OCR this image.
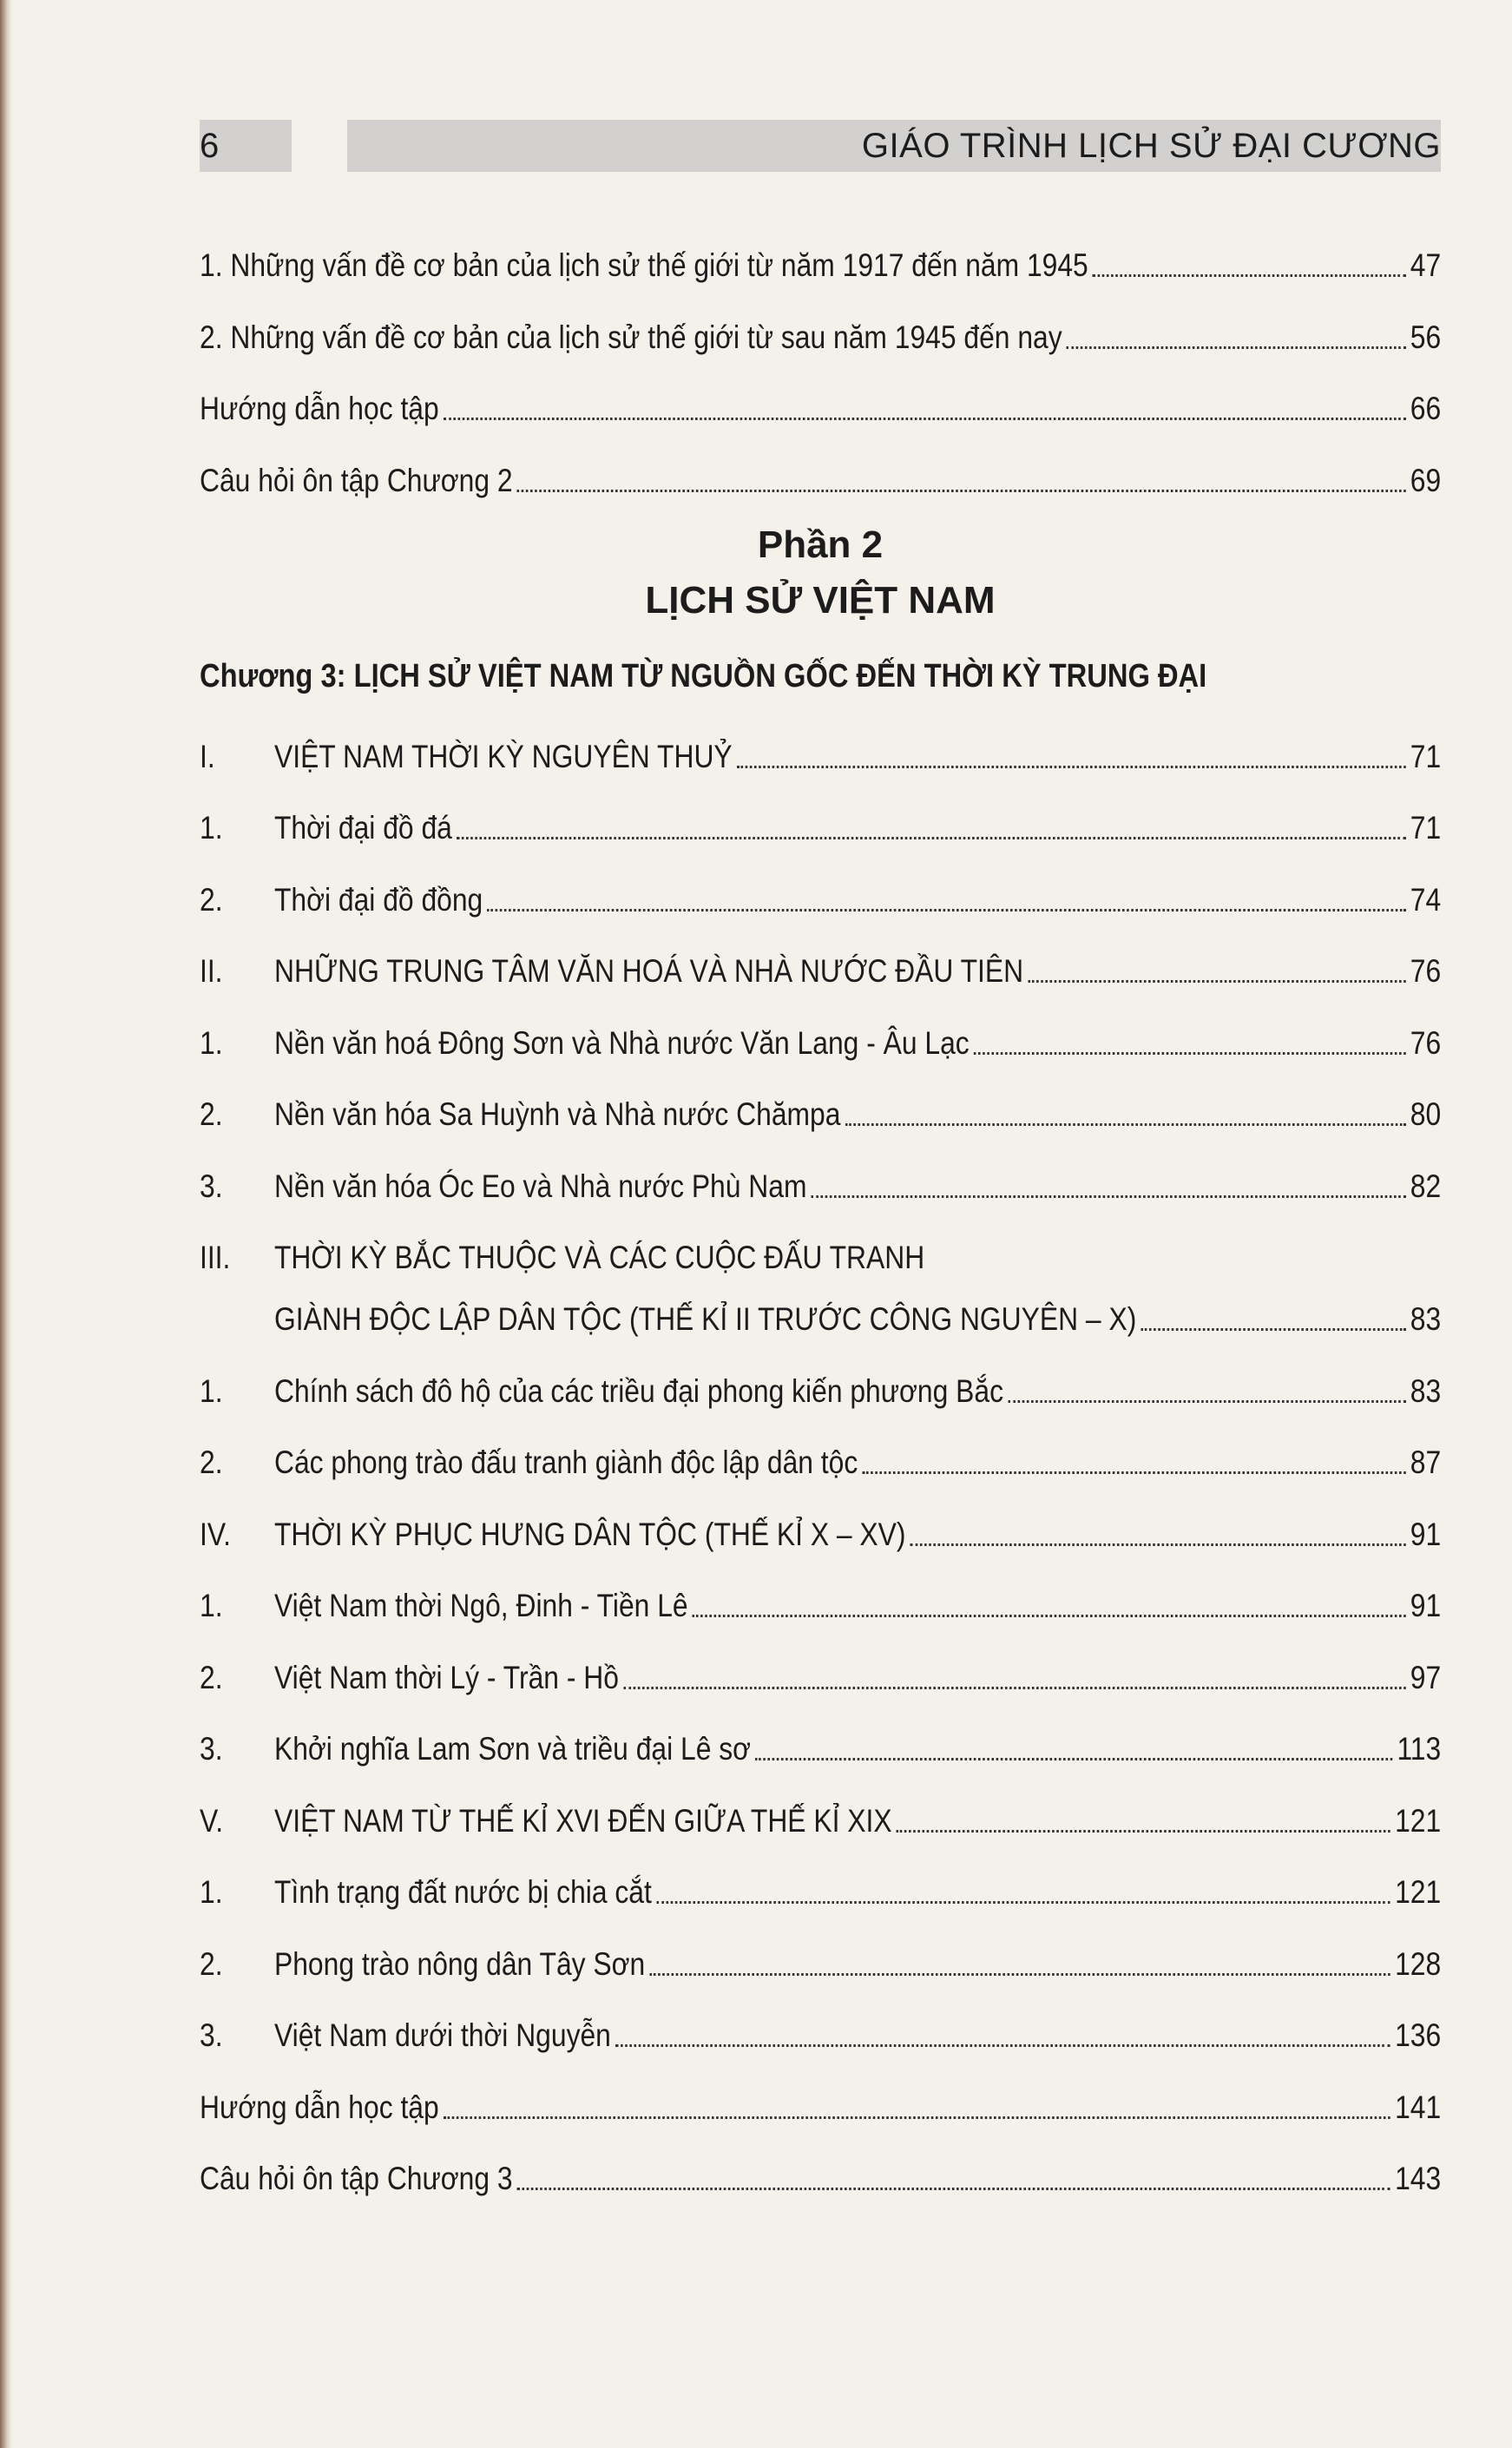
6	GIÁO TRÌNH LỊCH SỬ ĐẠI CƯƠNG
1. Những vấn đề cơ bản của lịch sử thế giới từ năm 1917 đến năm 1945	47
2. Những vấn đề cơ bản của lịch sử thế giới từ sau năm 1945 đến nay	56
Hướng dẫn học tập	66
Câu hỏi ôn tập Chương 2	69
Phần 2
LỊCH SỬ VIỆT NAM
Chương 3: LỊCH SỬ VIỆT NAM TỪ NGUỒN GỐC ĐẾN THỜI KỲ TRUNG ĐẠI
I.	VIỆT NAM THỜI KỲ NGUYÊN THUỶ	71
1.	Thời đại đồ đá	71
2.	Thời đại đồ đồng	74
II.	NHỮNG TRUNG TÂM VĂN HOÁ VÀ NHÀ NƯỚC ĐẦU TIÊN	76
1.	Nền văn hoá Đông Sơn và Nhà nước Văn Lang - Âu Lạc	76
2.	Nền văn hóa Sa Huỳnh và Nhà nước Chămpa	80
3.	Nền văn hóa Óc Eo và Nhà nước Phù Nam	82
III.	THỜI KỲ BẮC THUỘC VÀ CÁC CUỘC ĐẤU TRANH
GIÀNH ĐỘC LẬP DÂN TỘC (THẾ KỈ II TRƯỚC CÔNG NGUYÊN – X)	83
1.	Chính sách đô hộ của các triều đại phong kiến phương Bắc	83
2.	Các phong trào đấu tranh giành độc lập dân tộc	87
IV.	THỜI KỲ PHỤC HƯNG DÂN TỘC (THẾ KỈ X – XV)	91
1.	Việt Nam thời Ngô, Đinh - Tiền Lê	91
2.	Việt Nam thời Lý - Trần - Hồ	97
3.	Khởi nghĩa Lam Sơn và triều đại Lê sơ	113
V.	VIỆT NAM TỪ THẾ KỈ XVI ĐẾN GIỮA THẾ KỈ XIX	121
1.	Tình trạng đất nước bị chia cắt	121
2.	Phong trào nông dân Tây Sơn	128
3.	Việt Nam dưới thời Nguyễn	136
Hướng dẫn học tập	141
Câu hỏi ôn tập Chương 3	143
